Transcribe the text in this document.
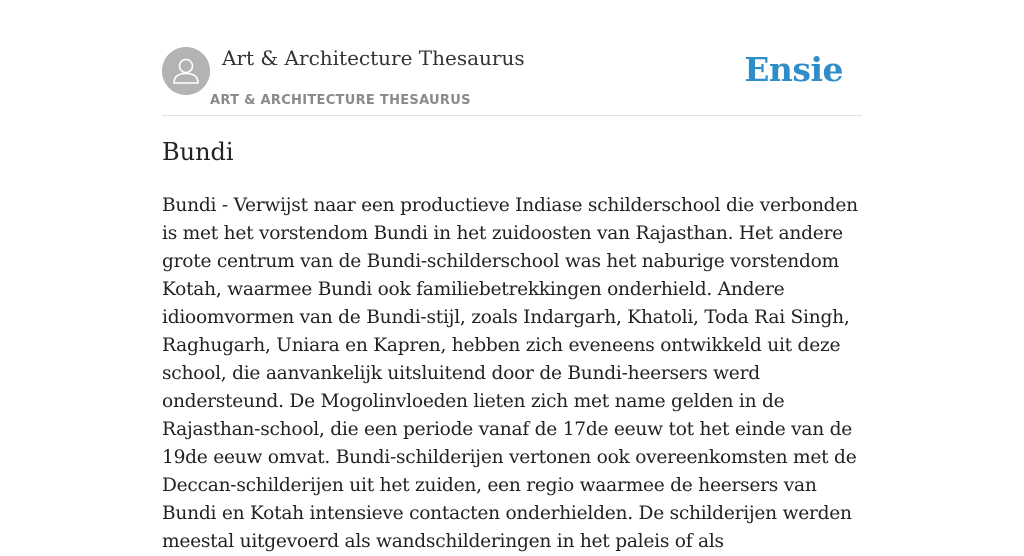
Art & Architecture Thesaurus
ART & ARCHITECTURE THESAURUS
Ensie
Bundi

Bundi - Verwijst naar een productieve Indiase schilderschool die verbonden is met het vorstendom Bundi in het zuidoosten van Rajasthan. Het andere grote centrum van de Bundi-schilderschool was het naburige vorstendom Kotah, waarmee Bundi ook familiebetrekkingen onderhield. Andere idioomvormen van de Bundi-stijl, zoals Indargarh, Khatoli, Toda Rai Singh, Raghugarh, Uniara en Kapren, hebben zich eveneens ontwikkeld uit deze school, die aanvankelijk uitsluitend door de Bundi-heersers werd ondersteund. De Mogolinvloeden lieten zich met name gelden in de Rajasthan-school, die een periode vanaf de 17de eeuw tot het einde van de 19de eeuw omvat. Bundi-schilderijen vertonen ook overeenkomsten met de Deccan-schilderijen uit het zuiden, een regio waarmee de heersers van Bundi en Kotah intensieve contacten onderhielden. De schilderijen werden meestal uitgevoerd als wandschilderingen in het paleis of als
